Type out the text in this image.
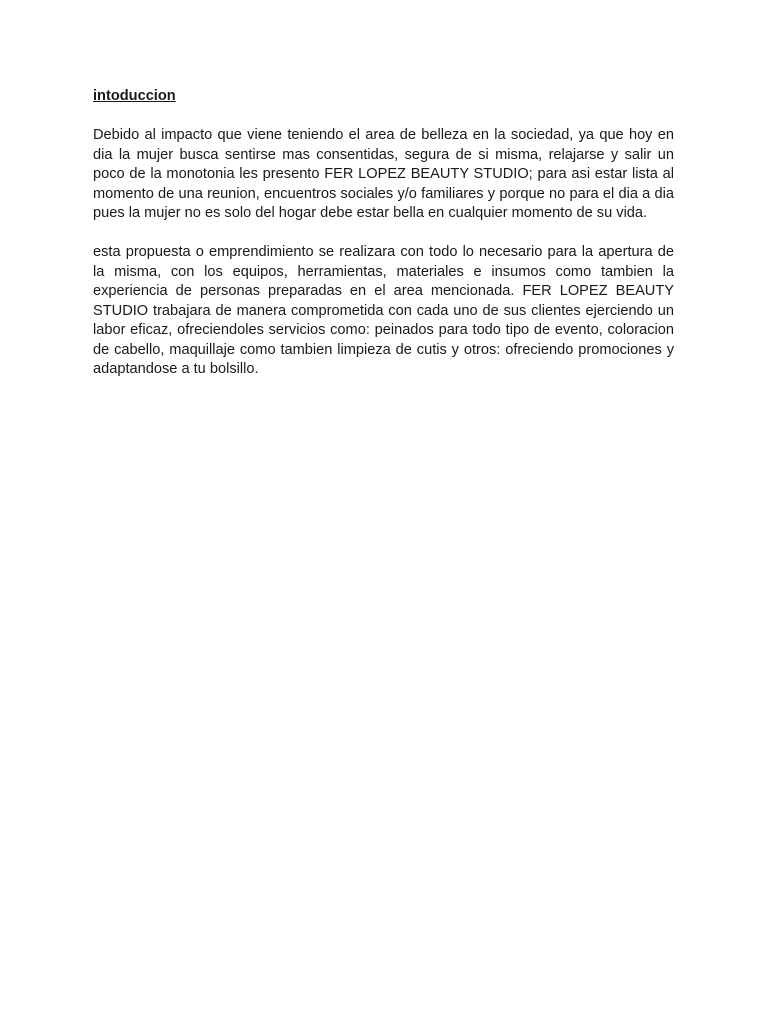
intoduccion

Debido al impacto que viene teniendo el area de belleza en la sociedad, ya que hoy en dia la mujer busca sentirse mas consentidas, segura de si misma, relajarse y salir un poco de la monotonia les presento FER LOPEZ BEAUTY STUDIO; para asi estar lista al momento de una reunion, encuentros sociales y/o familiares y porque no para el dia a dia pues la mujer no es solo del hogar debe estar bella en cualquier momento de su vida.

esta propuesta o emprendimiento se realizara con todo lo necesario para la apertura de la misma, con los equipos, herramientas, materiales e insumos como tambien la experiencia de personas preparadas en el area mencionada. FER LOPEZ BEAUTY STUDIO trabajara de manera comprometida con cada uno de sus clientes ejerciendo un labor eficaz, ofreciendoles servicios como: peinados para todo tipo de evento, coloracion de cabello, maquillaje como tambien limpieza de cutis y otros: ofreciendo promociones y adaptandose a tu bolsillo.
